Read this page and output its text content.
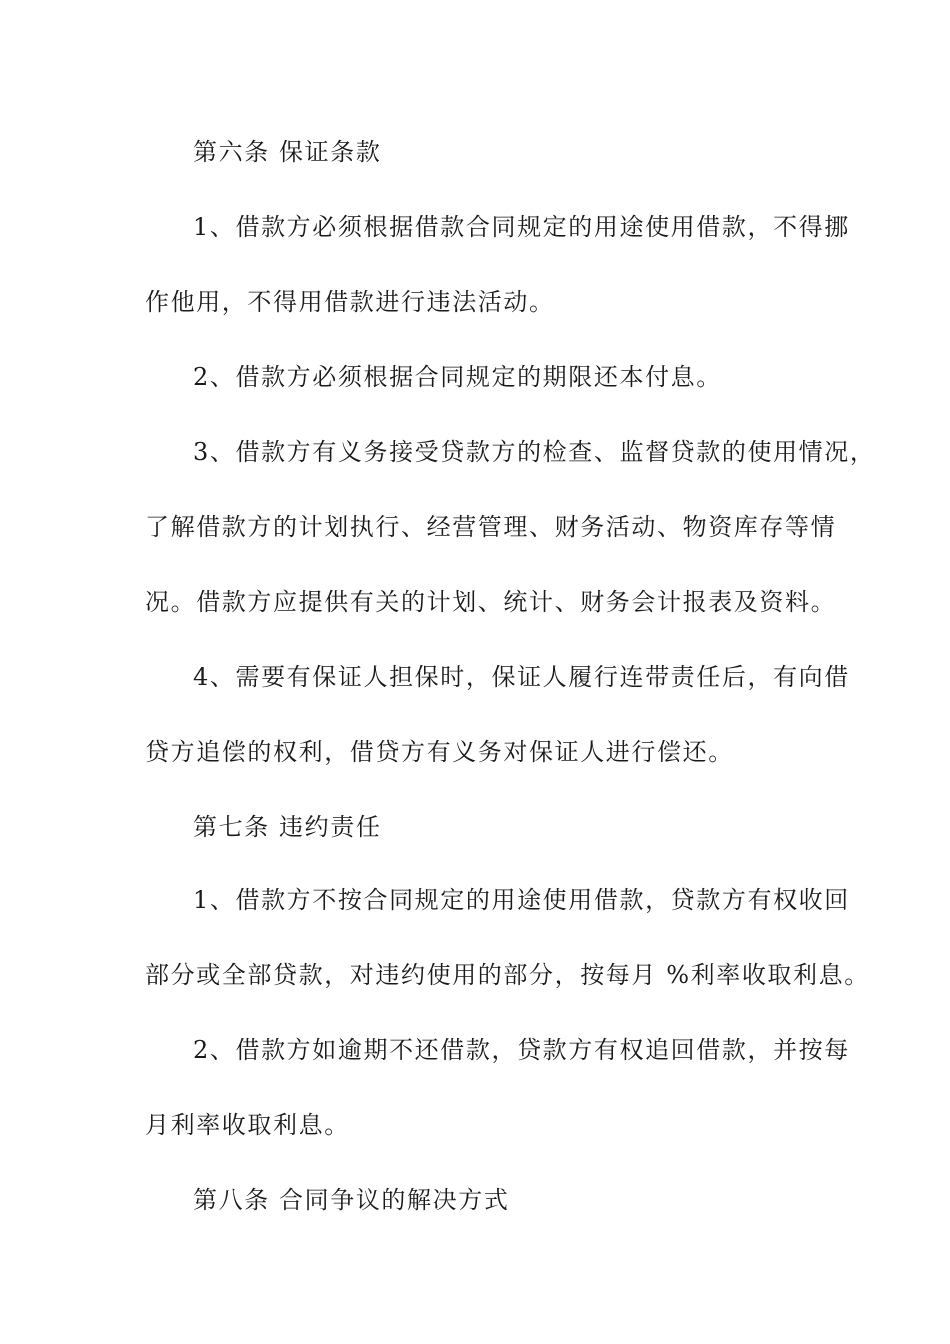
第六条 保证条款
1、借款方必须根据借款合同规定的用途使用借款，不得挪
作他用，不得用借款进行违法活动。
2、借款方必须根据合同规定的期限还本付息。
3、借款方有义务接受贷款方的检查、监督贷款的使用情况，
了解借款方的计划执行、经营管理、财务活动、物资库存等情
况。借款方应提供有关的计划、统计、财务会计报表及资料。
4、需要有保证人担保时，保证人履行连带责任后，有向借
贷方追偿的权利，借贷方有义务对保证人进行偿还。
第七条 违约责任
1、借款方不按合同规定的用途使用借款，贷款方有权收回
部分或全部贷款，对违约使用的部分，按每月 %利率收取利息。
2、借款方如逾期不还借款，贷款方有权追回借款，并按每
月利率收取利息。
第八条 合同争议的解决方式
